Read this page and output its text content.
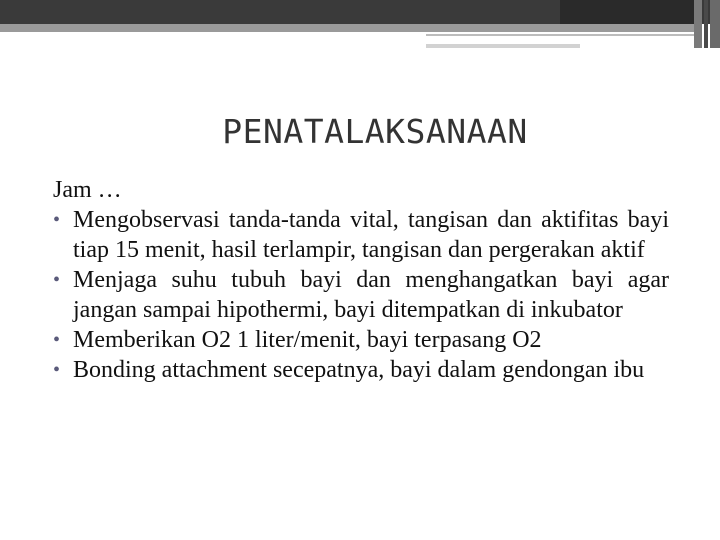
PENATALAKSANAAN

Jam …

• Mengobservasi tanda-tanda vital, tangisan dan aktifitas bayi tiap 15 menit, hasil terlampir, tangisan dan pergerakan aktif
• Menjaga suhu tubuh bayi dan menghangatkan bayi agar jangan sampai hipothermi, bayi ditempatkan di inkubator
• Memberikan O2 1 liter/menit, bayi terpasang O2
• Bonding attachment secepatnya, bayi dalam gendongan ibu
